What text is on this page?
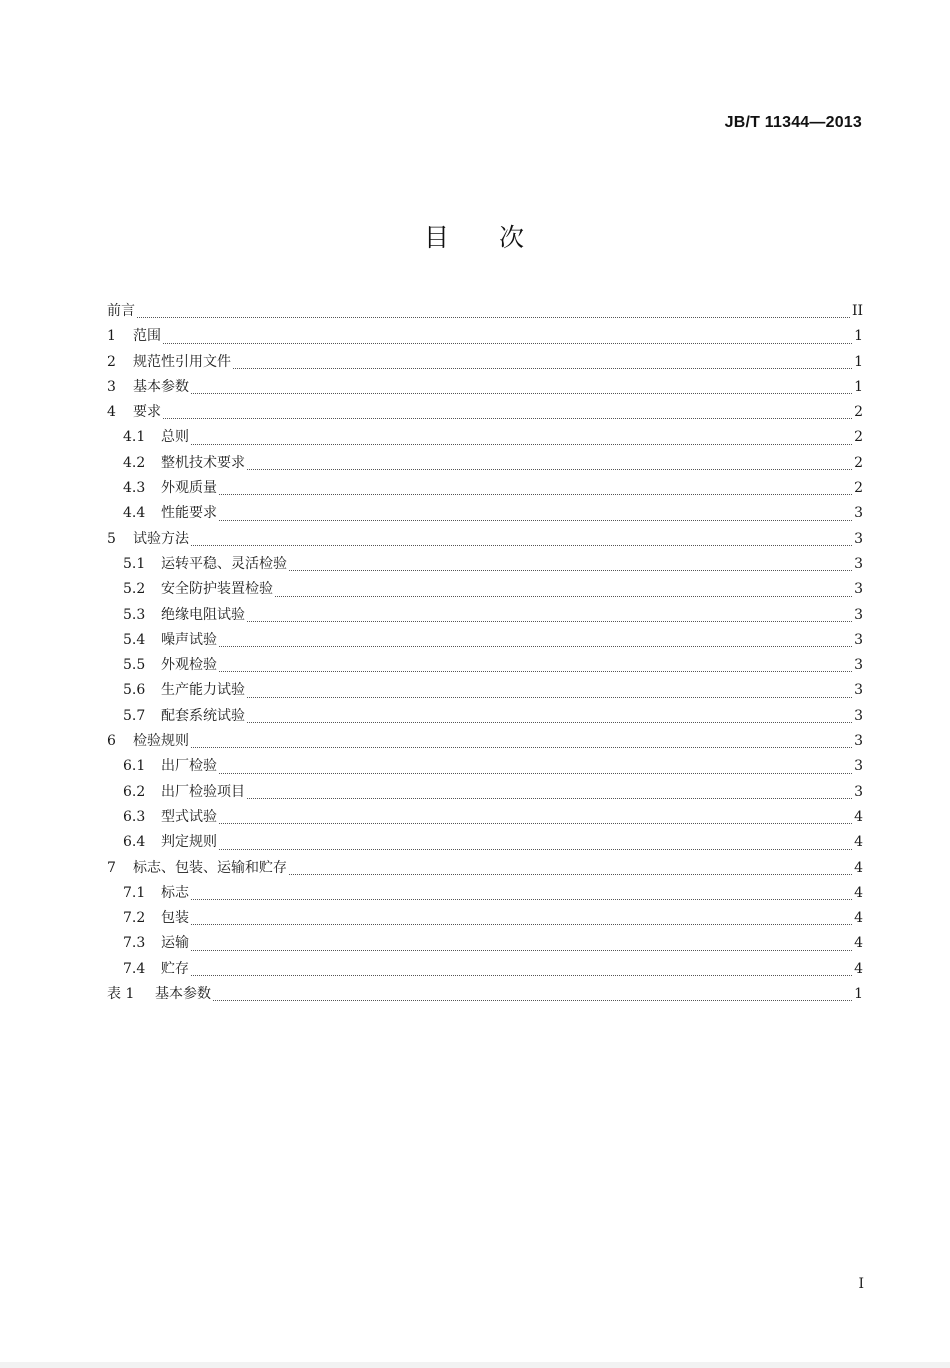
JB/T 11344—2013
目 次
前言	II
1	范围	1
2	规范性引用文件	1
3	基本参数	1
4	要求	2
4.1	总则	2
4.2	整机技术要求	2
4.3	外观质量	2
4.4	性能要求	3
5	试验方法	3
5.1	运转平稳、灵活检验	3
5.2	安全防护装置检验	3
5.3	绝缘电阻试验	3
5.4	噪声试验	3
5.5	外观检验	3
5.6	生产能力试验	3
5.7	配套系统试验	3
6	检验规则	3
6.1	出厂检验	3
6.2	出厂检验项目	3
6.3	型式试验	4
6.4	判定规则	4
7	标志、包装、运输和贮存	4
7.1	标志	4
7.2	包装	4
7.3	运输	4
7.4	贮存	4
表 1	基本参数	1
I
